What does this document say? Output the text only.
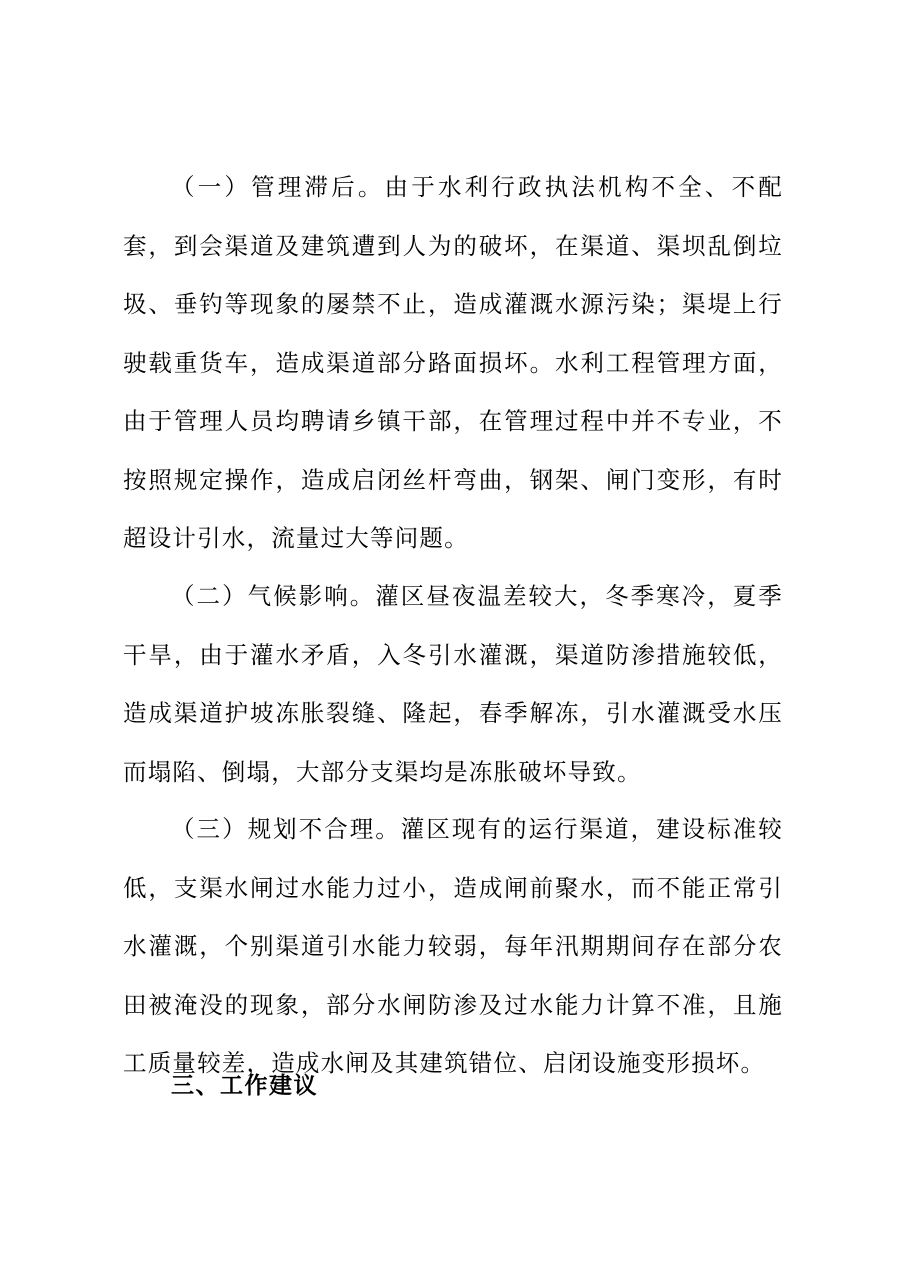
（一）管理滞后。由于水利行政执法机构不全、不配套，到会渠道及建筑遭到人为的破坏，在渠道、渠坝乱倒垃圾、垂钓等现象的屡禁不止，造成灌溉水源污染；渠堤上行驶载重货车，造成渠道部分路面损坏。水利工程管理方面，由于管理人员均聘请乡镇干部，在管理过程中并不专业，不按照规定操作，造成启闭丝杆弯曲，钢架、闸门变形，有时超设计引水，流量过大等问题。

（二）气候影响。灌区昼夜温差较大，冬季寒冷，夏季干旱，由于灌水矛盾，入冬引水灌溉，渠道防渗措施较低，造成渠道护坡冻胀裂缝、隆起，春季解冻，引水灌溉受水压而塌陷、倒塌，大部分支渠均是冻胀破坏导致。

（三）规划不合理。灌区现有的运行渠道，建设标准较低，支渠水闸过水能力过小，造成闸前聚水，而不能正常引水灌溉，个别渠道引水能力较弱，每年汛期期间存在部分农田被淹没的现象，部分水闸防渗及过水能力计算不准，且施工质量较差，造成水闸及其建筑错位、启闭设施变形损坏。

三、工作建议
